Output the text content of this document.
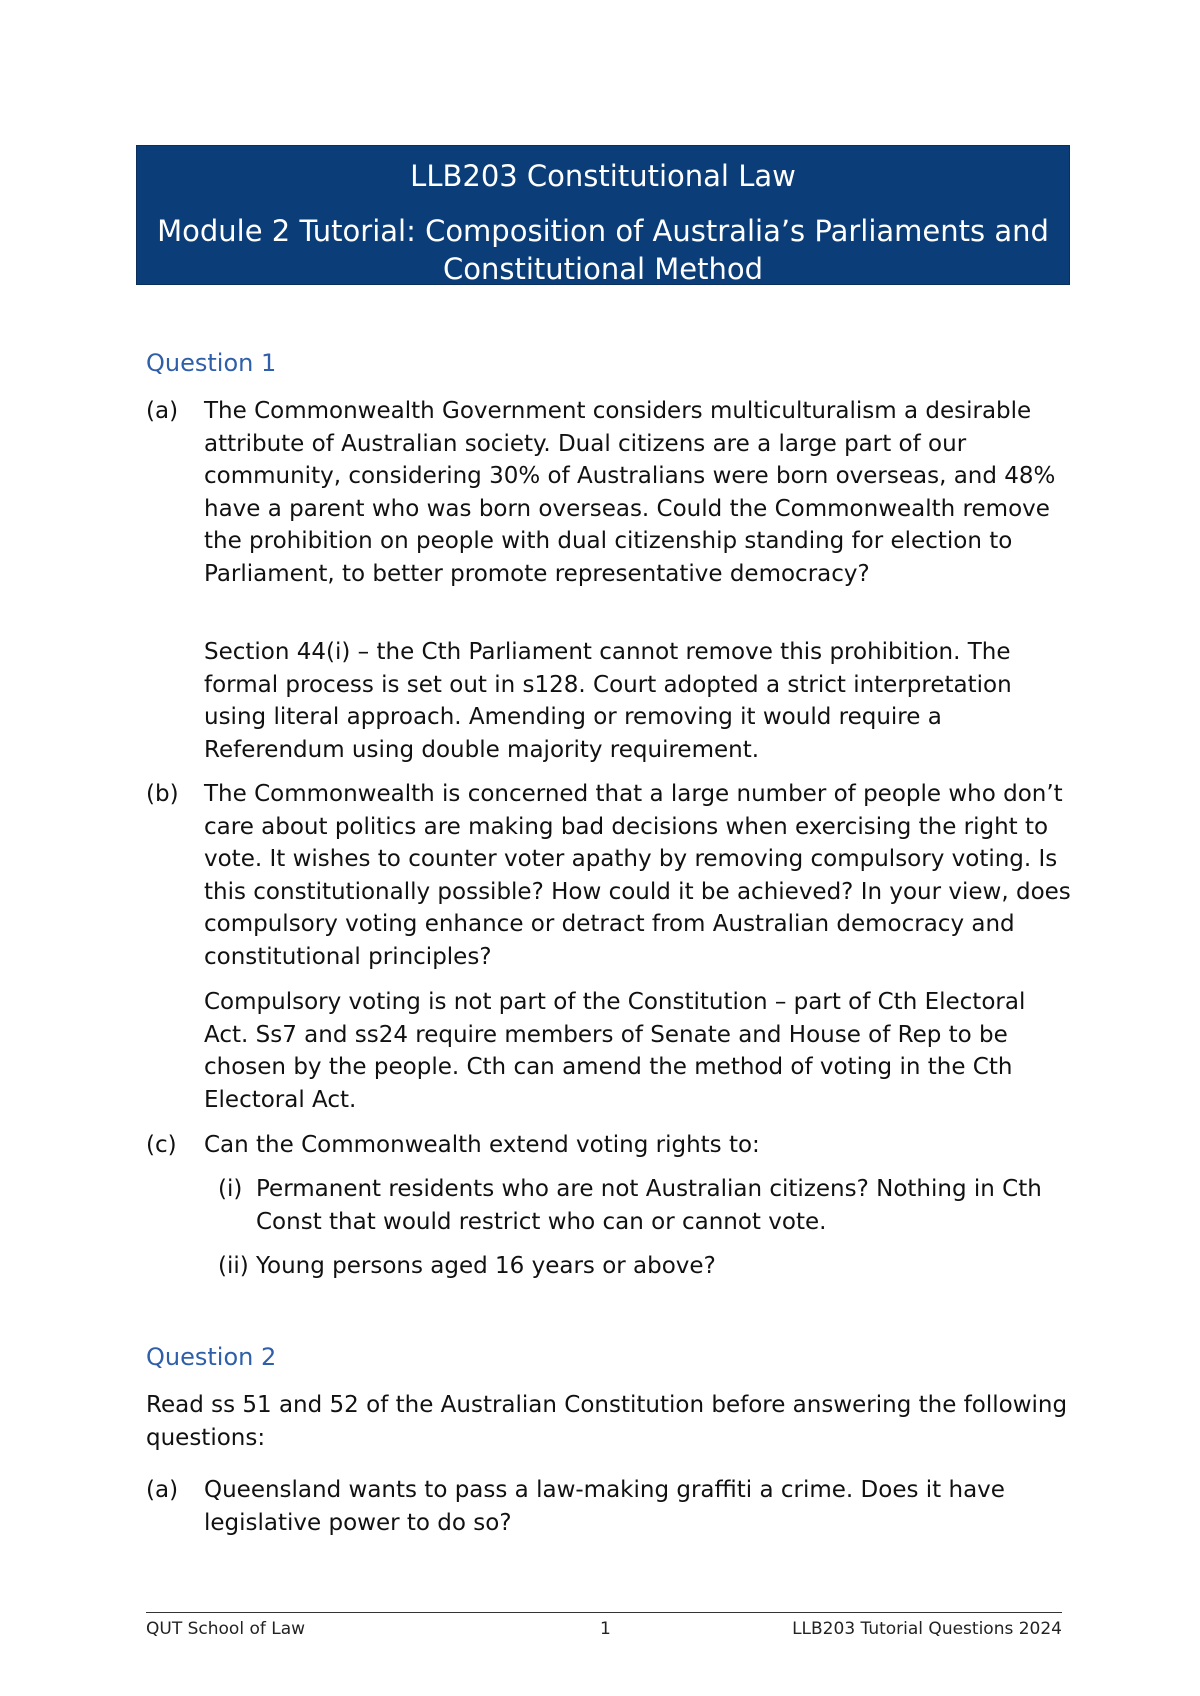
LLB203 Constitutional Law
Module 2 Tutorial: Composition of Australia’s Parliaments and Constitutional Method
Question 1
(a) The Commonwealth Government considers multiculturalism a desirable attribute of Australian society. Dual citizens are a large part of our community, considering 30% of Australians were born overseas, and 48% have a parent who was born overseas. Could the Commonwealth remove the prohibition on people with dual citizenship standing for election to Parliament, to better promote representative democracy?
Section 44(i) – the Cth Parliament cannot remove this prohibition. The formal process is set out in s128. Court adopted a strict interpretation using literal approach. Amending or removing it would require a Referendum using double majority requirement.
(b) The Commonwealth is concerned that a large number of people who don’t care about politics are making bad decisions when exercising the right to vote. It wishes to counter voter apathy by removing compulsory voting. Is this constitutionally possible? How could it be achieved? In your view, does compulsory voting enhance or detract from Australian democracy and constitutional principles?
Compulsory voting is not part of the Constitution – part of Cth Electoral Act. Ss7 and ss24 require members of Senate and House of Rep to be chosen by the people. Cth can amend the method of voting in the Cth Electoral Act.
(c) Can the Commonwealth extend voting rights to:
(i) Permanent residents who are not Australian citizens? Nothing in Cth Const that would restrict who can or cannot vote.
(ii) Young persons aged 16 years or above?
Question 2
Read ss 51 and 52 of the Australian Constitution before answering the following questions:
(a) Queensland wants to pass a law-making graffiti a crime. Does it have legislative power to do so?
QUT School of Law	1	LLB203 Tutorial Questions 2024
